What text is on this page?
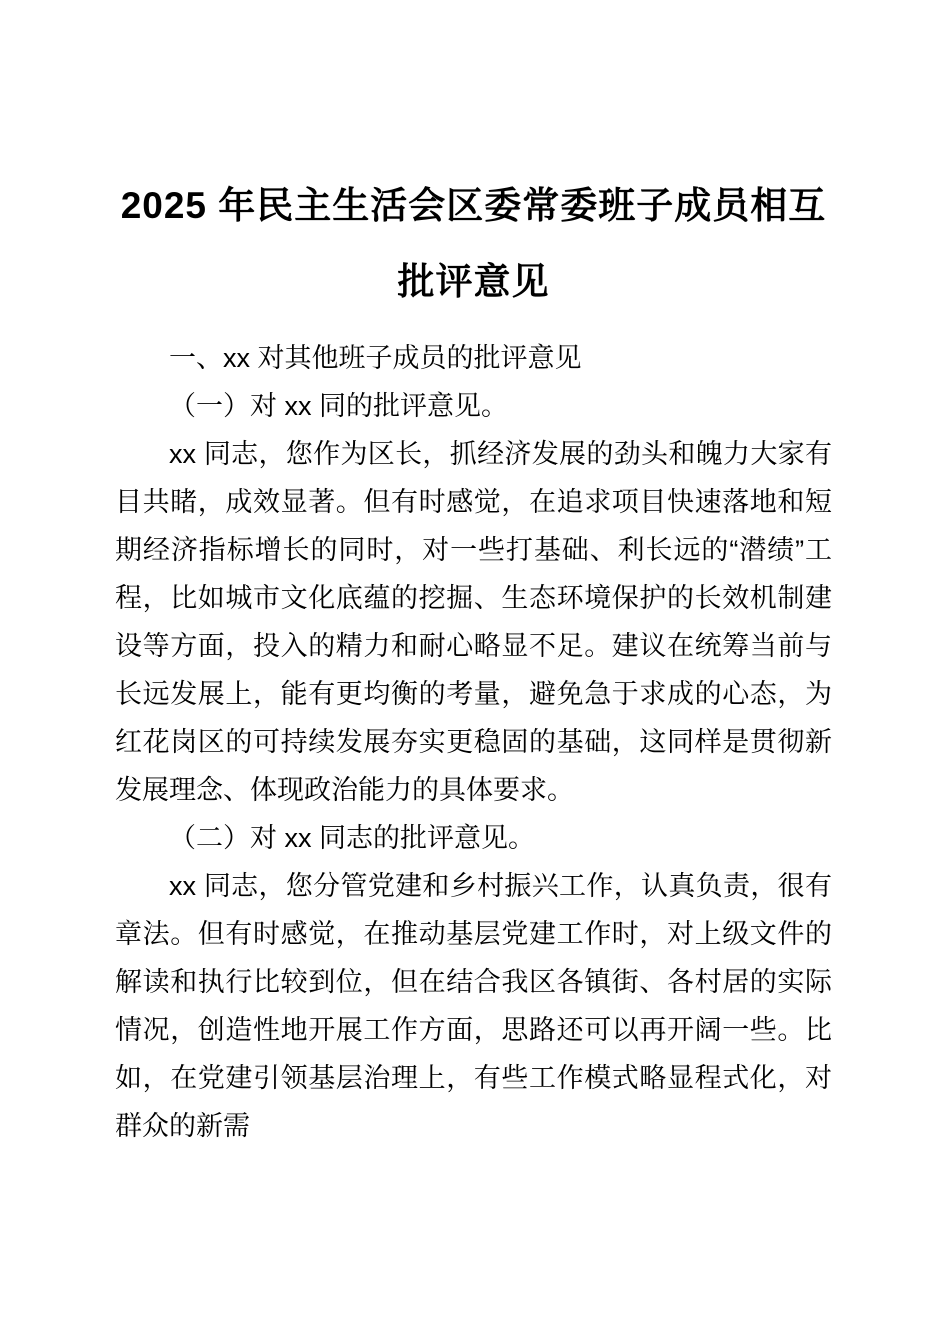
2025 年民主生活会区委常委班子成员相互
批评意见

一、xx 对其他班子成员的批评意见

（一）对 xx 同的批评意见。

xx 同志，您作为区长，抓经济发展的劲头和魄力大家有目共睹，成效显著。但有时感觉，在追求项目快速落地和短期经济指标增长的同时，对一些打基础、利长远的“潜绩”工程，比如城市文化底蕴的挖掘、生态环境保护的长效机制建设等方面，投入的精力和耐心略显不足。建议在统筹当前与长远发展上，能有更均衡的考量，避免急于求成的心态，为红花岗区的可持续发展夯实更稳固的基础，这同样是贯彻新发展理念、体现政治能力的具体要求。

（二）对 xx 同志的批评意见。

xx 同志，您分管党建和乡村振兴工作，认真负责，很有章法。但有时感觉，在推动基层党建工作时，对上级文件的解读和执行比较到位，但在结合我区各镇街、各村居的实际情况，创造性地开展工作方面，思路还可以再开阔一些。比如，在党建引领基层治理上，有些工作模式略显程式化，对群众的新需
